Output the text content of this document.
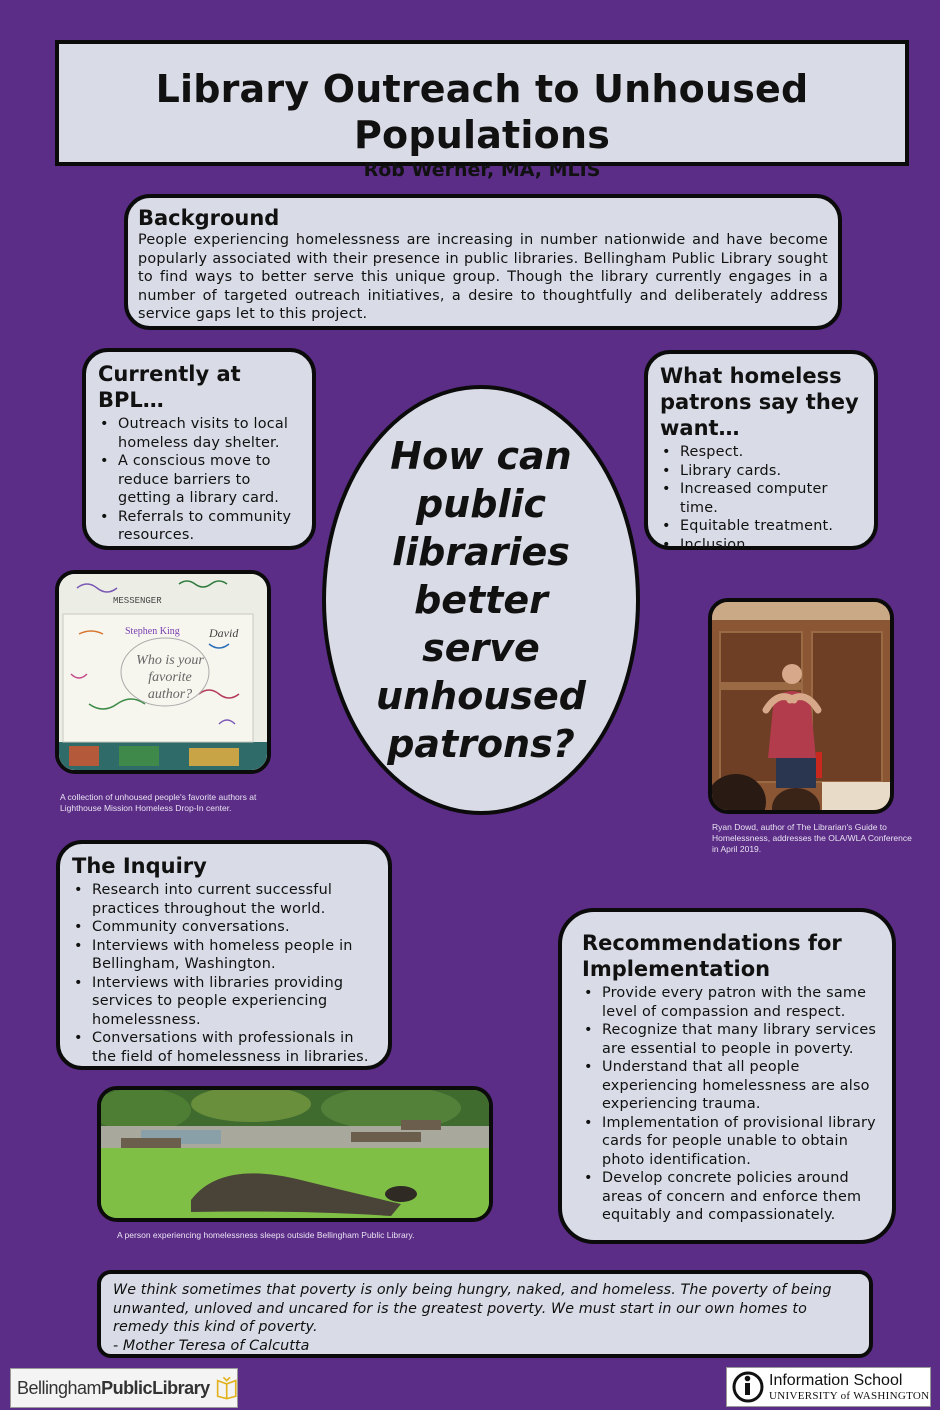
Library Outreach to Unhoused Populations
Rob Werner, MA, MLIS
Background

People experiencing homelessness are increasing in number nationwide and have become popularly associated with their presence in public libraries. Bellingham Public Library sought to find ways to better serve this unique group. Though the library currently engages in a number of targeted outreach initiatives, a desire to thoughtfully and deliberately address service gaps let to this project.

Currently at BPL…
• Outreach visits to local homeless day shelter.
• A conscious move to reduce barriers to getting a library card.
• Referrals to community resources.
What homeless patrons say they want…
• Respect.
• Library cards.
• Increased computer time.
• Equitable treatment.
• Inclusion
How can public libraries better serve unhoused patrons?
MESSENGER
Stephen King David
Who is your favorite author?
A collection of unhoused people's favorite authors at Lighthouse Mission Homeless Drop-In center.
Ryan Dowd, author of The Librarian's Guide to Homelessness, addresses the OLA/WLA Conference in April 2019.
The Inquiry
• Research into current successful practices throughout the world.
• Community conversations.
• Interviews with homeless people in Bellingham, Washington.
• Interviews with libraries providing services to people experiencing homelessness.
• Conversations with professionals in the field of homelessness in libraries.
A person experiencing homelessness sleeps outside Bellingham Public Library.
Recommendations for Implementation
• Provide every patron with the same level of compassion and respect.
• Recognize that many library services are essential to people in poverty.
• Understand that all people experiencing homelessness are also experiencing trauma.
• Implementation of provisional library cards for people unable to obtain photo identification.
• Develop concrete policies around areas of concern and enforce them equitably and compassionately.
We think sometimes that poverty is only being hungry, naked, and homeless. The poverty of being unwanted, unloved and uncared for is the greatest poverty. We must start in our own homes to remedy this kind of poverty.
- Mother Teresa of Calcutta
BellinghamPublicLibrary	Information School
UNIVERSITY of WASHINGTON
